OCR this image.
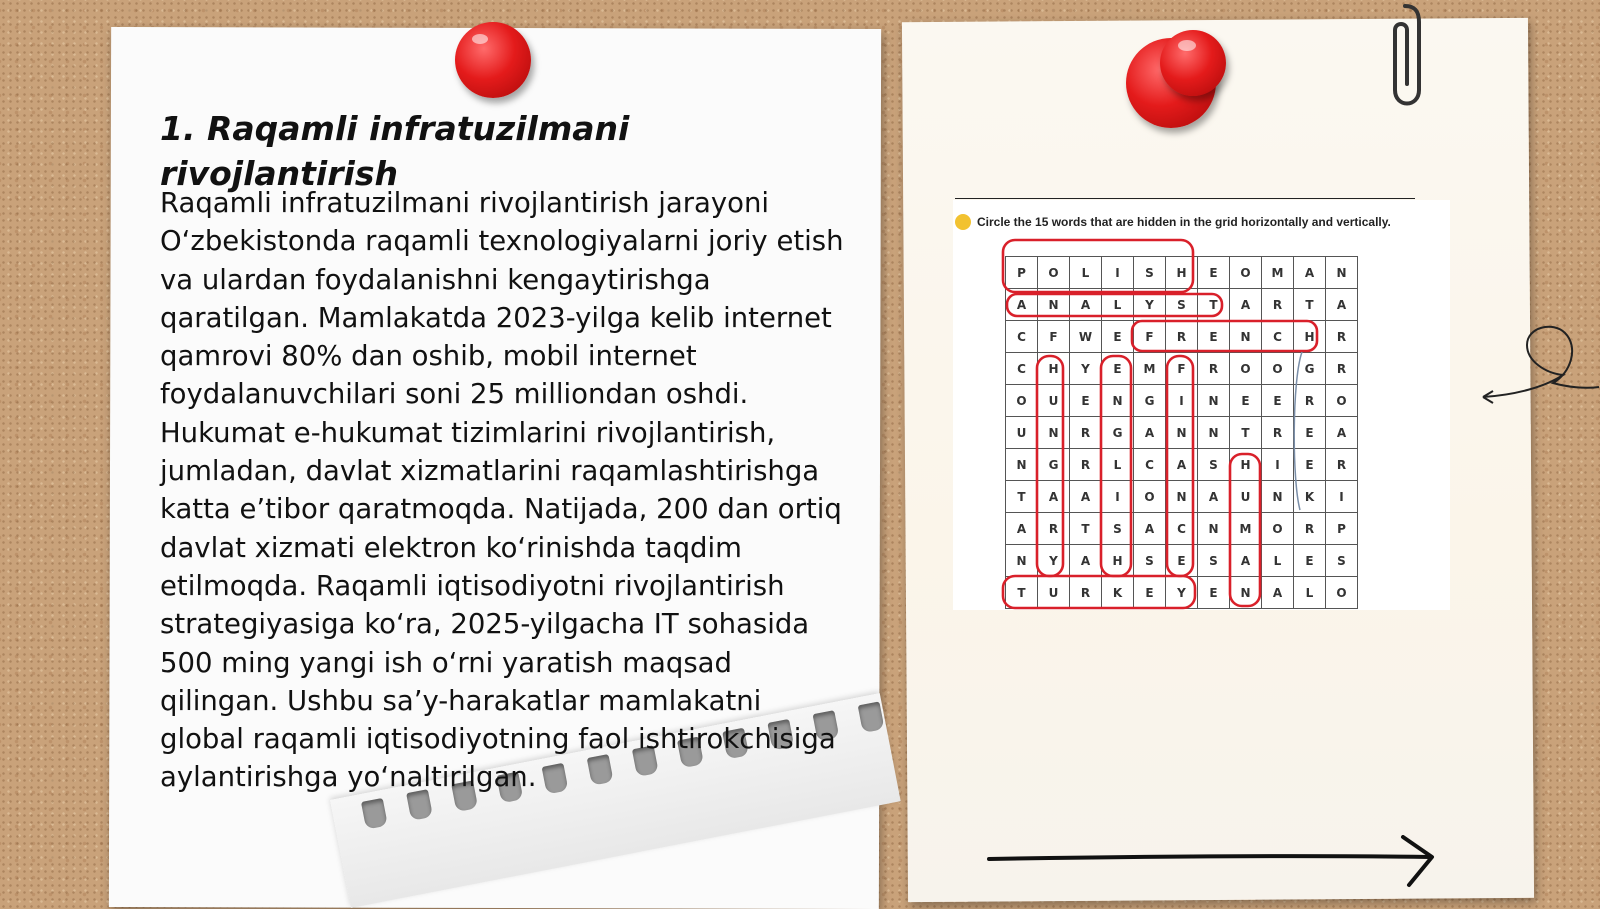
1. Raqamli infratuzilmani rivojlantirish

Raqamli infratuzilmani rivojlantirish jarayoni O‘zbekistonda raqamli texnologiyalarni joriy etish va ulardan foydalanishni kengaytirishga qaratilgan. Mamlakatda 2023-yilga kelib internet qamrovi 80% dan oshib, mobil internet foydalanuvchilari soni 25 milliondan oshdi. Hukumat e-hukumat tizimlarini rivojlantirish, jumladan, davlat xizmatlarini raqamlashtirishga katta e’tibor qaratmoqda. Natijada, 200 dan ortiq davlat xizmati elektron ko‘rinishda taqdim etilmoqda. Raqamli iqtisodiyotni rivojlantirish strategiyasiga ko‘ra, 2025-yilgacha IT sohasida 500 ming yangi ish o‘rni yaratish maqsad qilingan. Ushbu sa’y-harakatlar mamlakatni global raqamli iqtisodiyotning faol ishtirokchisiga aylantirishga yo‘naltirilgan.

Circle the 15 words that are hidden in the grid horizontally and vertically.
P	O	L	I	S	H	E	O	M	A	N
A	N	A	L	Y	S	T	A	R	T	A
C	F	W	E	F	R	E	N	C	H	R
C	H	Y	E	M	F	R	O	O	G	R
O	U	E	N	G	I	N	E	E	R	O
U	N	R	G	A	N	N	T	R	E	A
N	G	R	L	C	A	S	H	I	E	R
T	A	A	I	O	N	A	U	N	K	I
A	R	T	S	A	C	N	M	O	R	P
N	Y	A	H	S	E	S	A	L	E	S
T	U	R	K	E	Y	E	N	A	L	O
